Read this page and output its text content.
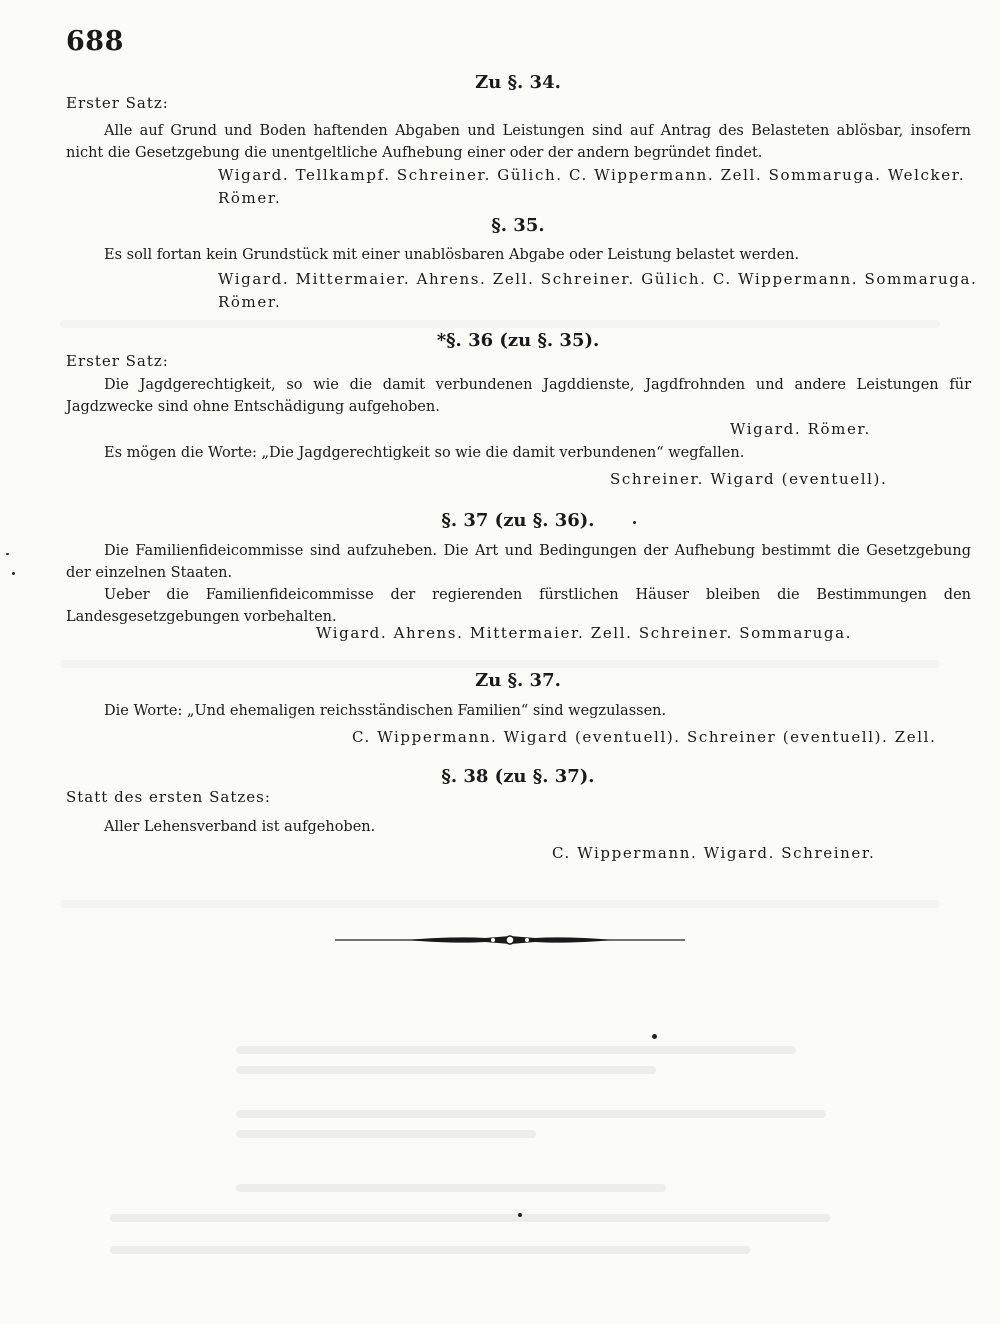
688
Zu §. 34.
Erster Satz:
Alle auf Grund und Boden haftenden Abgaben und Leistungen sind auf Antrag des Belasteten ablösbar, insofern nicht die Gesetzgebung die unentgeltliche Aufhebung einer oder der andern begründet findet.
Wigard. Tellkampf. Schreiner. Gülich. C. Wippermann. Zell. Sommaruga. Welcker. Römer.
§. 35.
Es soll fortan kein Grundstück mit einer unablösbaren Abgabe oder Leistung belastet werden.
Wigard. Mittermaier. Ahrens. Zell. Schreiner. Gülich. C. Wippermann. Sommaruga. Römer.
*§. 36 (zu §. 35).
Erster Satz:
Die Jagdgerechtigkeit, so wie die damit verbundenen Jagddienste, Jagdfrohnden und andere Leistungen für Jagdzwecke sind ohne Entschädigung aufgehoben.
Wigard. Römer.
Es mögen die Worte: „Die Jagdgerechtigkeit so wie die damit verbundenen“ wegfallen.
Schreiner. Wigard (eventuell).
§. 37 (zu §. 36).
Die Familienfideicommisse sind aufzuheben. Die Art und Bedingungen der Aufhebung bestimmt die Gesetzgebung der einzelnen Staaten.
Ueber die Familienfideicommisse der regierenden fürstlichen Häuser bleiben die Bestimmungen den Landesgesetzgebungen vorbehalten.
Wigard. Ahrens. Mittermaier. Zell. Schreiner. Sommaruga.
Zu §. 37.
Die Worte: „Und ehemaligen reichsständischen Familien“ sind wegzulassen.
C. Wippermann. Wigard (eventuell). Schreiner (eventuell). Zell.
§. 38 (zu §. 37).
Statt des ersten Satzes:
Aller Lehensverband ist aufgehoben.
C. Wippermann. Wigard. Schreiner.
